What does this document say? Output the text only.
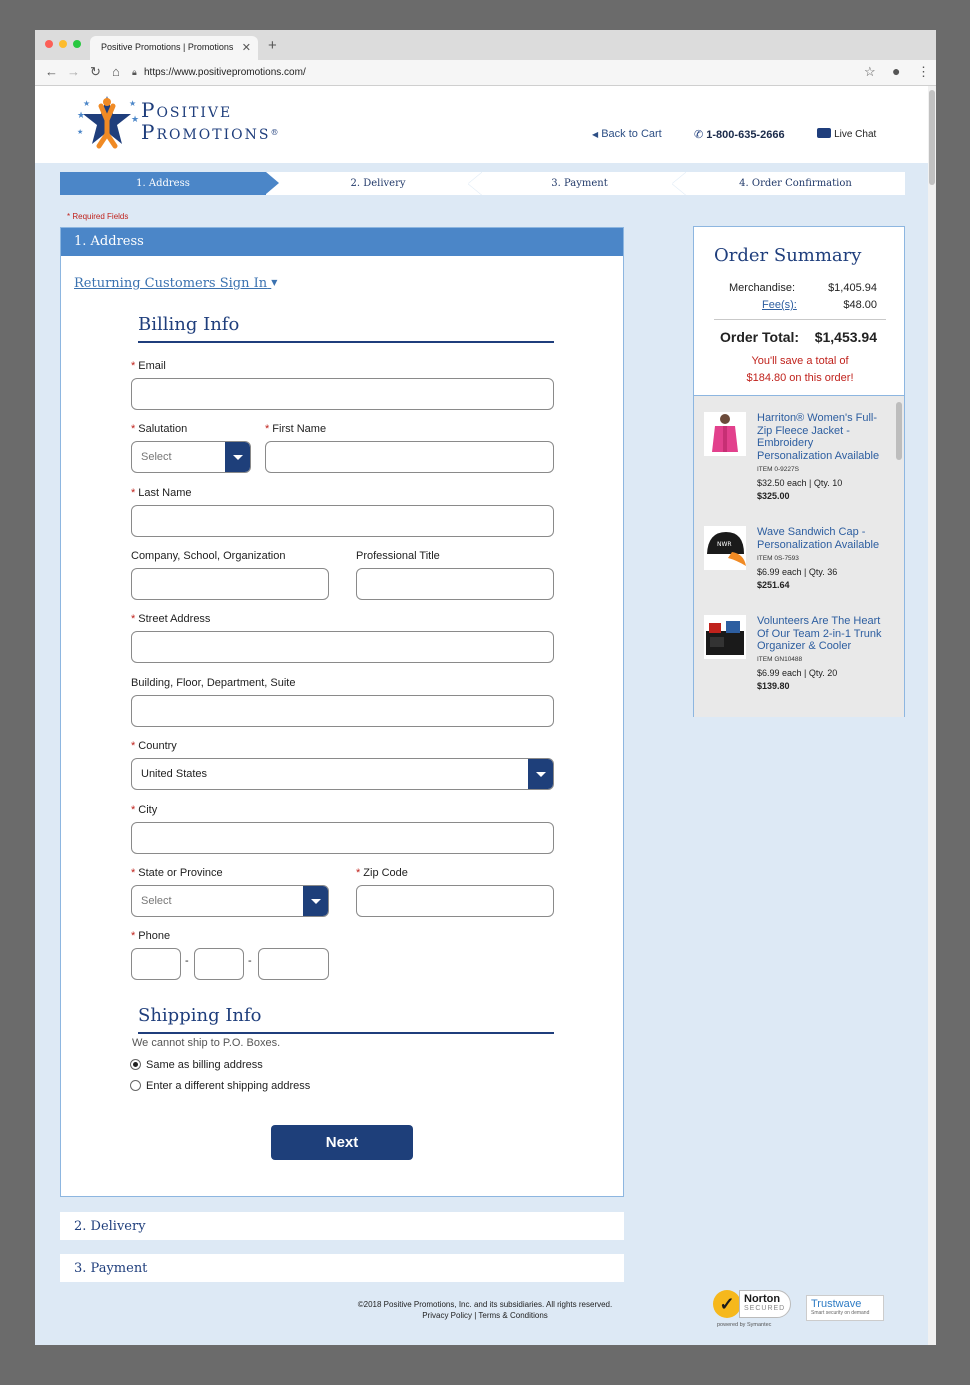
Positive Promotions | Promotions ✕ +
← → ↻ ⌂ 🔒︎ https://www.positivepromotions.com/	☆ ● ⋮
★
★	★
★
★
Positive
Promotions®	◀ Back to Cart	✆ 1-800-635-2666	Live Chat
1. Address	2. Delivery	3. Payment	4. Order Confirmation
* Required Fields
1. Address
Returning Customers Sign In ▼
Billing Info
* Email
* Salutation
Select
* First Name
* Last Name
Company, School, Organization	Professional Title
* Street Address
Building, Floor, Department, Suite
* Country
United States
* City
* State or Province
Select
* Zip Code
* Phone
-	-
Shipping Info
We cannot ship to P.O. Boxes.
Same as billing address
Enter a different shipping address
Next
2. Delivery
3. Payment
Order Summary
Merchandise:	$1,405.94
Fee(s):	$48.00
Order Total: $1,453.94
You'll save a total of
$184.80 on this order!
Harriton® Women's Full-Zip Fleece Jacket - Embroidery Personalization Available
ITEM 0-9227S
$32.50 each | Qty. 10
$325.00
NWR
Wave Sandwich Cap - Personalization Available
ITEM 0S-7593
$6.99 each | Qty. 36
$251.64
Volunteers Are The Heart Of Our Team 2-in-1 Trunk Organizer & Cooler
ITEM GN10488
$6.99 each | Qty. 20
$139.80
©2018 Positive Promotions, Inc. and its subsidiaries. All rights reserved.
Privacy Policy | Terms & Conditions
✓ Norton
SECURED
powered by Symantec
Trustwave
Smart security on demand
